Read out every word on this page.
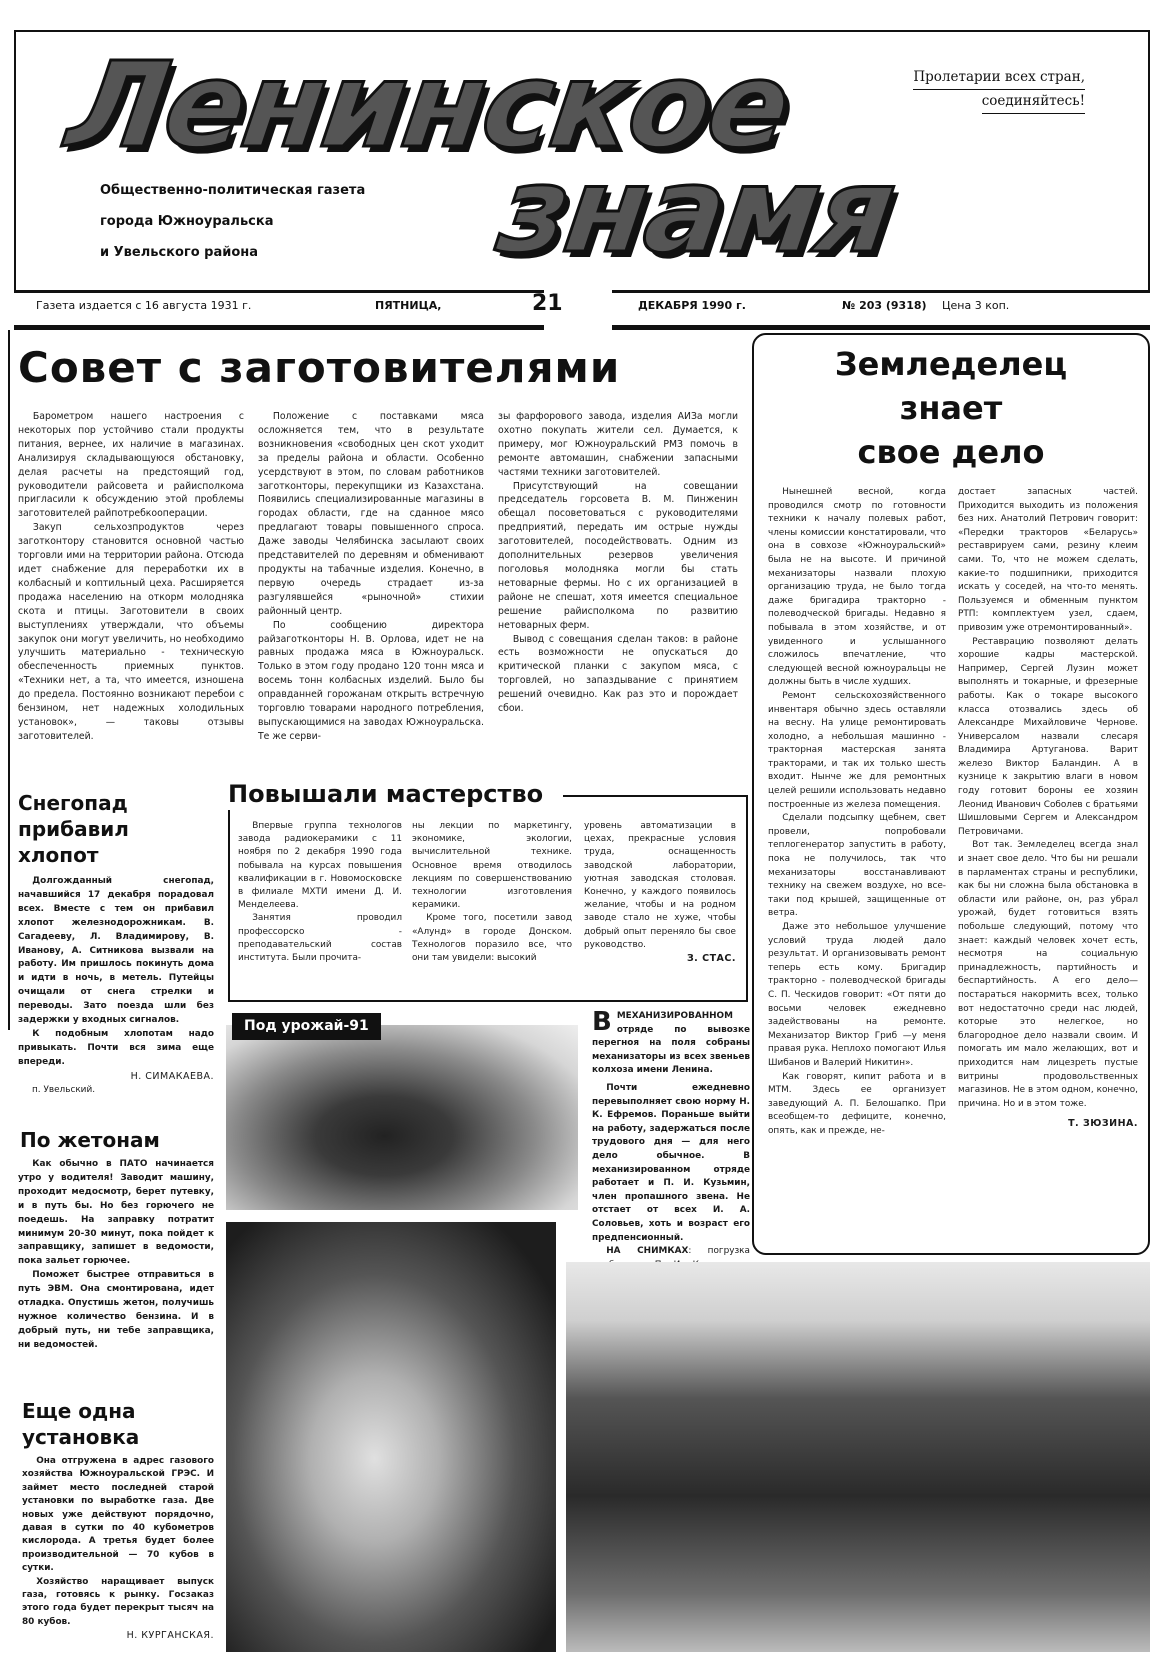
Ленинское
знамя
Пролетарии всех стран,
соединяйтесь!
Общественно-политическая газета
города Южноуральска
и Увельского района
Газета издается с 16 августа 1931 г.	ПЯТНИЦА,	21	ДЕКАБРЯ 1990 г.	№ 203 (9318) Цена 3 коп.
Совет с заготовителями

Барометром нашего настроения с некоторых пор устойчиво стали продукты питания, вернее, их наличие в магазинах. Анализируя складывающуюся обстановку, делая расчеты на предстоящий год, руководители райсовета и райисполкома пригласили к обсуждению этой проблемы заготовителей райпотребкооперации.

Закуп сельхозпродуктов через заготконтору становится основной частью торговли ими на территории района. Отсюда идет снабжение для переработки их в колбасный и коптильный цеха. Расширяется продажа населению на откорм молодняка скота и птицы. Заготовители в своих выступлениях утверждали, что объемы закупок они могут увеличить, но необходимо улучшить материально - техническую обеспеченность приемных пунктов. «Техники нет, а та, что имеется, изношена до предела. Постоянно возникают перебои с бензином, нет надежных холодильных установок», — таковы отзывы заготовителей.

Положение с поставками мяса осложняется тем, что в результате возникновения «свободных цен скот уходит за пределы района и области. Особенно усердствуют в этом, по словам работников заготконторы, перекупщики из Казахстана. Появились специализированные магазины в городах области, где на сданное мясо предлагают товары повышенного спроса. Даже заводы Челябинска засылают своих представителей по деревням и обменивают продукты на табачные изделия. Конечно, в первую очередь страдает из-за разгулявшейся «рыночной» стихии районный центр.

По сообщению директора райзаготконторы Н. В. Орлова, идет не на равных продажа мяса в Южноуральск. Только в этом году продано 120 тонн мяса и восемь тонн колбасных изделий. Было бы оправданней горожанам открыть встречную торговлю товарами народного потребления, выпускающимися на заводах Южноуральска. Те же серви-

зы фарфорового завода, изделия АИЗа могли охотно покупать жители сел. Думается, к примеру, мог Южноуральский РМЗ помочь в ремонте автомашин, снабжении запасными частями техники заготовителей.

Присутствующий на совещании председатель горсовета В. М. Пинженин обещал посоветоваться с руководителями предприятий, передать им острые нужды заготовителей, посодействовать. Одним из дополнительных резервов увеличения поголовья молодняка могли бы стать нетоварные фермы. Но с их организацией в районе не спешат, хотя имеется специальное решение райисполкома по развитию нетоварных ферм.

Вывод с совещания сделан таков: в районе есть возможности не опускаться до критической планки с закупом мяса, с торговлей, но запаздывание с принятием решений очевидно. Как раз это и порождает сбои.

Земледелец
знает
свое дело

Нынешней весной, когда проводился смотр по готовности техники к началу полевых работ, члены комиссии констатировали, что она в совхозе «Южноуральский» была не на высоте. И причиной механизаторы назвали плохую организацию труда, не было тогда даже бригадира тракторно - полеводческой бригады. Недавно я побывала в этом хозяйстве, и от увиденного и услышанного сложилось впечатление, что следующей весной южноуральцы не должны быть в числе худших.

Ремонт сельскохозяйственного инвентаря обычно здесь оставляли на весну. На улице ремонтировать холодно, а небольшая машинно - тракторная мастерская занята тракторами, и так их только шесть входит. Нынче же для ремонтных целей решили использовать недавно построенные из железа помещения.

Сделали подсыпку щебнем, свет провели, попробовали теплогенератор запустить в работу, пока не получилось, так что механизаторы восстанавливают технику на свежем воздухе, но все-таки под крышей, защищенные от ветра.

Даже это небольшое улучшение условий труда людей дало результат. И организовывать ремонт теперь есть кому. Бригадир тракторно - полеводческой бригады С. П. Ческидов говорит: «От пяти до восьми человек ежедневно задействованы на ремонте. Механизатор Виктор Гриб —у меня правая рука. Неплохо помогают Илья Шибанов и Валерий Никитин».

Как говорят, кипит работа и в МТМ. Здесь ее организует заведующий А. П. Белошапко. При всеобщем-то дефиците, конечно, опять, как и прежде, не-

достает запасных частей. Приходится выходить из положения без них. Анатолий Петрович говорит: «Передки тракторов «Беларусь» реставрируем сами, резину клеим сами. То, что не можем сделать, какие-то подшипники, приходится искать у соседей, на что-то менять. Пользуемся и обменным пунктом РТП: комплектуем узел, сдаем, привозим уже отремонтированный».

Реставрацию позволяют делать хорошие кадры мастерской. Например, Сергей Лузин может выполнять и токарные, и фрезерные работы. Как о токаре высокого класса отозвались здесь об Александре Михайловиче Чернове. Универсалом назвали слесаря Владимира Артуганова. Варит железо Виктор Баландин. А в кузнице к закрытию влаги в новом году готовит бороны ее хозяин Леонид Иванович Соболев с братьями Шишловыми Сергем и Александром Петровичами.

Вот так. Земледелец всегда знал и знает свое дело. Что бы ни решали в парламентах страны и республики, как бы ни сложна была обстановка в области или районе, он, раз убрал урожай, будет готовиться взять побольше следующий, потому что знает: каждый человек хочет есть, несмотря на социальную принадлежность, партийность и беспартийность. А его дело—постараться накормить всех, только вот недостаточно среди нас людей, которые это нелегкое, но благородное дело назвали своим. И помогать им мало желающих, вот и приходится нам лицезреть пустые витрины продовольственных магазинов. Не в этом одном, конечно, причина. Но и в этом тоже.

Т. ЗЮЗИНА.
Снегопад
прибавил
хлопот

Долгожданный снегопад, начавшийся 17 декабря порадовал всех. Вместе с тем он прибавил хлопот железнодорожникам. В. Сагадееву, Л. Владимирову, В. Иванову, А. Ситникова вызвали на работу. Им пришлось покинуть дома и идти в ночь, в метель. Путейцы очищали от снега стрелки и переводы. Зато поезда шли без задержки у входных сигналов.

К подобным хлопотам надо привыкать. Почти вся зима еще впереди.

Н. СИМАКАЕВА.
п. Увельский.
По жетонам

Как обычно в ПАТО начинается утро у водителя! Заводит машину, проходит медосмотр, берет путевку, и в путь бы. Но без горючего не поедешь. На заправку потратит минимум 20-30 минут, пока пойдет к заправщику, запишет в ведомости, пока зальет горючее.

Поможет быстрее отправиться в путь ЭВМ. Она смонтирована, идет отладка. Опустишь жетон, получишь нужное количество бензина. И в добрый путь, ни тебе заправщика, ни ведомостей.

Еще одна
установка

Она отгружена в адрес газового хозяйства Южноуральской ГРЭС. И займет место последней старой установки по выработке газа. Две новых уже действуют порядочно, давая в сутки по 40 кубометров кислорода. А третья будет более производительной — 70 кубов в сутки.

Хозяйство наращивает выпуск газа, готовясь к рынку. Госзаказ этого года будет перекрыт тысяч на 80 кубов.

Н. КУРГАНСКАЯ.
Повышали мастерство

Впервые группа технологов завода радиокерамики с 11 ноября по 2 декабря 1990 года побывала на курсах повышения квалификации в г. Новомосковске в филиале МХТИ имени Д. И. Менделеева.

Занятия проводил профессорско - преподавательский состав института. Были прочита-

ны лекции по маркетингу, экономике, экологии, вычислительной технике. Основное время отводилось лекциям по совершенствованию технологии изготовления керамики.

Кроме того, посетили завод «Алунд» в городе Донском. Технологов поразило все, что они там увидели: высокий

уровень автоматизации в цехах, прекрасные условия труда, оснащенность заводской лаборатории, уютная заводская столовая. Конечно, у каждого появилось желание, чтобы и на родном заводе стало не хуже, чтобы добрый опыт переняло бы свое руководство.

З. СТАС.
Под урожай-91	ВМЕХАНИЗИРОВАННОМ отряде по вывозке перегноя на поля собраны механизаторы из всех звеньев колхоза имени Ленина.

Почти ежедневно перевыполняет свою норму Н. К. Ефремов. Пораньше выйти на работу, задержаться после трудового дня — для него дело обычное. В механизированном отряде работает и П. И. Кузьмин, член пропашного звена. Не отстает от всех И. А. Соловьев, хоть и возраст его предпенсионный.

НА СНИМКАХ: погрузка
